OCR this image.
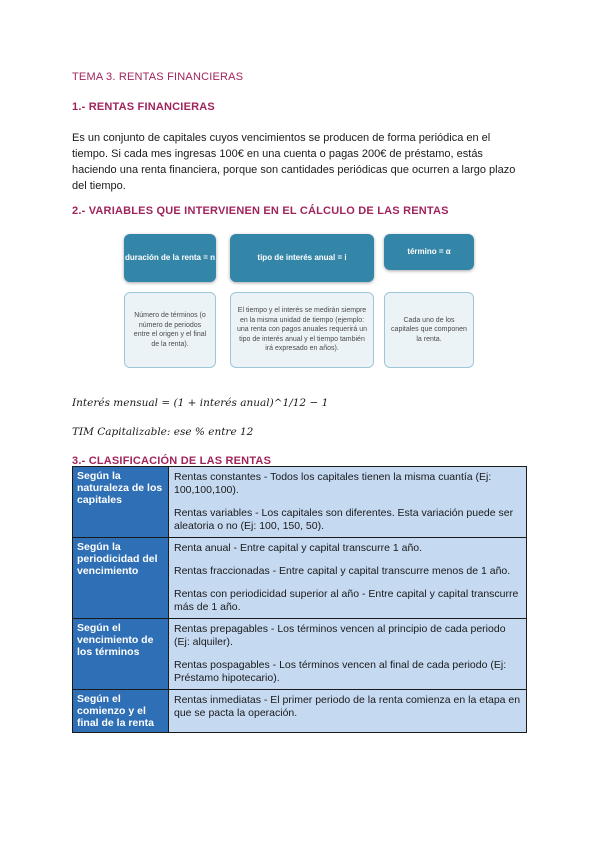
TEMA 3. RENTAS FINANCIERAS
1.- RENTAS FINANCIERAS
Es un conjunto de capitales cuyos vencimientos se producen de forma periódica en el
tiempo. Si cada mes ingresas 100€ en una cuenta o pagas 200€ de préstamo, estás
haciendo una renta financiera, porque son cantidades periódicas que ocurren a largo plazo
del tiempo.
2.- VARIABLES QUE INTERVIENEN EN EL CÁLCULO DE LAS RENTAS
duración de la renta = n	tipo de interés anual = i
término = α
Número de términos (o número de periodos entre el origen y el final de la renta).
El tiempo y el interés se medirán siempre en la misma unidad de tiempo (ejemplo: una renta con pagos anuales requerirá un tipo de interés anual y el tiempo también irá expresado en años).
Cada uno de los capitales que componen la renta.
Interés mensual = (1 + interés anual)^1/12 − 1
TIM Capitalizable: ese % entre 12
3.- CLASIFICACIÓN DE LAS RENTAS
Según la naturaleza de los capitales	Rentas constantes - Todos los capitales tienen la misma cuantía (Ej: 100,100,100).

Rentas variables - Los capitales son diferentes. Esta variación puede ser aleatoria o no (Ej: 100, 150, 50).

Según la periodicidad del vencimiento	Renta anual - Entre capital y capital transcurre 1 año.

Rentas fraccionadas - Entre capital y capital transcurre menos de 1 año.

Rentas con periodicidad superior al año - Entre capital y capital transcurre más de 1 año.

Según el vencimiento de los términos	Rentas prepagables - Los términos vencen al principio de cada periodo (Ej: alquiler).

Rentas pospagables - Los términos vencen al final de cada periodo (Ej: Préstamo hipotecario).

Según el comienzo y el final de la renta	Rentas inmediatas - El primer periodo de la renta comienza en la etapa en que se pacta la operación.
